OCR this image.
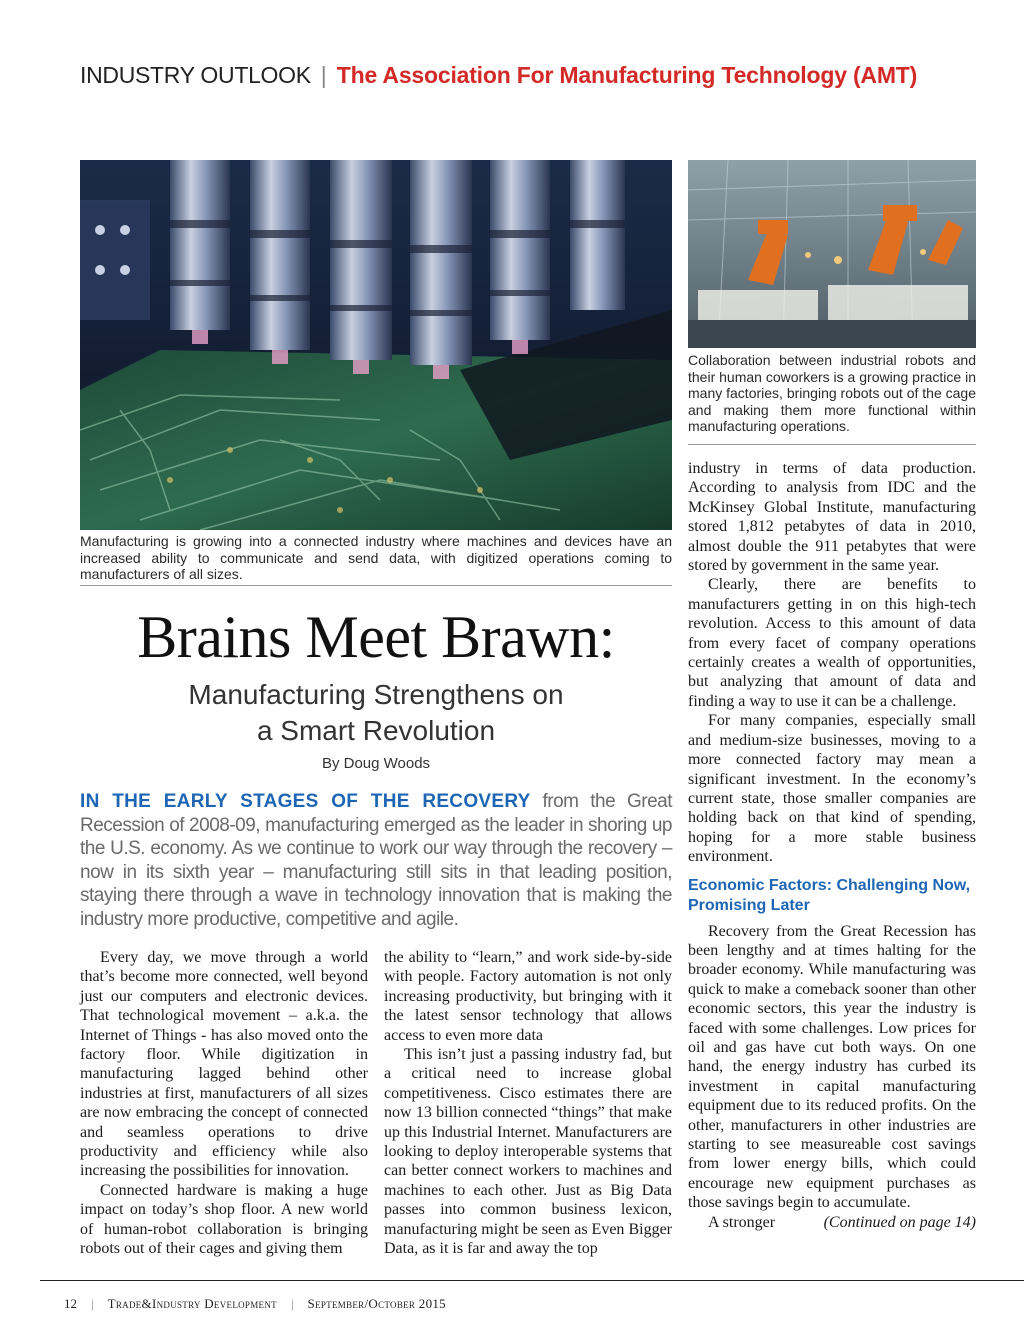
INDUSTRY OUTLOOK | The Association For Manufacturing Technology (AMT)
Collaboration between industrial robots and their human coworkers is a growing practice in many factories, bringing robots out of the cage and making them more functional within manufacturing operations.
Manufacturing is growing into a connected industry where machines and devices have an increased ability to communicate and send data, with digitized operations coming to manufacturers of all sizes.
Brains Meet Brawn:
Manufacturing Strengthens on
a Smart Revolution
By Doug Woods
IN THE EARLY STAGES OF THE RECOVERY from the Great Recession of 2008-09, manufacturing emerged as the leader in shoring up the U.S. economy. As we continue to work our way through the recovery – now in its sixth year – manufacturing still sits in that leading position, staying there through a wave in technology innovation that is making the industry more productive, competitive and agile.

Every day, we move through a world that’s become more connected, well beyond just our computers and electronic devices. That technological movement – a.k.a. the Internet of Things - has also moved onto the factory floor. While digitization in manufacturing lagged behind other industries at first, manufacturers of all sizes are now embracing the concept of connected and seamless operations to drive productivity and efficiency while also increasing the possibilities for innovation.

Connected hardware is making a huge impact on today’s shop floor. A new world of human-robot collaboration is bringing robots out of their cages and giving them

the ability to “learn,” and work side-by-side with people. Factory automation is not only increasing productivity, but bringing with it the latest sensor technology that allows access to even more data

This isn’t just a passing industry fad, but a critical need to increase global competitiveness. Cisco estimates there are now 13 billion connected “things” that make up this Industrial Internet. Manufacturers are looking to deploy interoperable systems that can better connect workers to machines and machines to each other. Just as Big Data passes into common business lexicon, manufacturing might be seen as Even Bigger Data, as it is far and away the top

industry in terms of data production. According to analysis from IDC and the McKinsey Global Institute, manufacturing stored 1,812 petabytes of data in 2010, almost double the 911 petabytes that were stored by government in the same year.

Clearly, there are benefits to manufacturers getting in on this high-tech revolution. Access to this amount of data from every facet of company operations certainly creates a wealth of opportunities, but analyzing that amount of data and finding a way to use it can be a challenge.

For many companies, especially small and medium-size businesses, moving to a more connected factory may mean a significant investment. In the economy’s current state, those smaller companies are holding back on that kind of spending, hoping for a more stable business environment.

Economic Factors: Challenging Now, Promising Later

Recovery from the Great Recession has been lengthy and at times halting for the broader economy. While manufacturing was quick to make a comeback sooner than other economic sectors, this year the industry is faced with some challenges. Low prices for oil and gas have cut both ways. On one hand, the energy industry has curbed its investment in capital manufacturing equipment due to its reduced profits. On the other, manufacturers in other industries are starting to see measureable cost savings from lower energy bills, which could encourage new equipment purchases as those savings begin to accumulate.

A stronger	(Continued on page 14)

12 | Trade&Industry Development | September/October 2015
